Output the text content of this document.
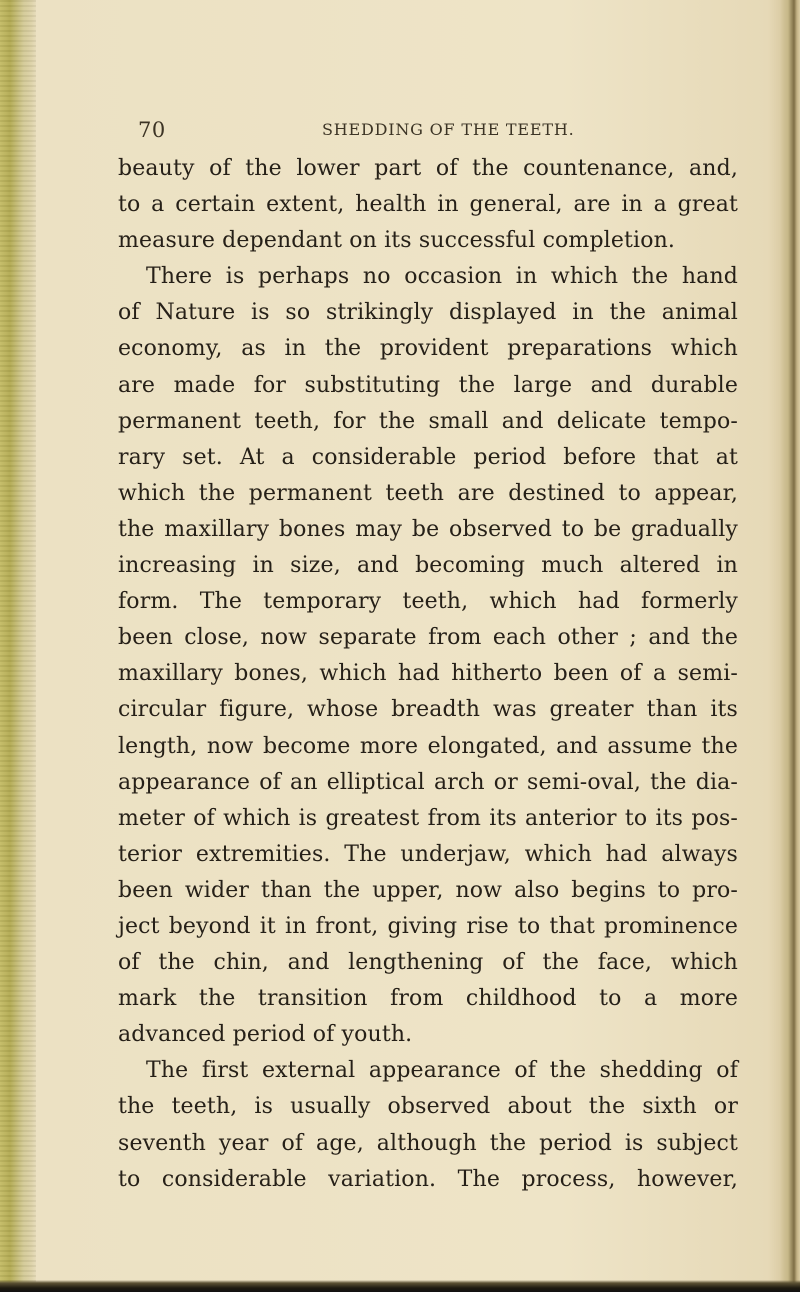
70	SHEDDING OF THE TEETH.
beauty of the lower part of the countenance, and,
to a certain extent, health in general, are in a great
measure dependant on its successful completion.
There is perhaps no occasion in which the hand
of Nature is so strikingly displayed in the animal
economy, as in the provident preparations which
are made for substituting the large and durable
permanent teeth, for the small and delicate tempo-
rary set. At a considerable period before that at
which the permanent teeth are destined to appear,
the maxillary bones may be observed to be gradually
increasing in size, and becoming much altered in
form. The temporary teeth, which had formerly
been close, now separate from each other ; and the
maxillary bones, which had hitherto been of a semi-
circular figure, whose breadth was greater than its
length, now become more elongated, and assume the
appearance of an elliptical arch or semi-oval, the dia-
meter of which is greatest from its anterior to its pos-
terior extremities. The underjaw, which had always
been wider than the upper, now also begins to pro-
ject beyond it in front, giving rise to that prominence
of the chin, and lengthening of the face, which
mark the transition from childhood to a more
advanced period of youth.
The first external appearance of the shedding of
the teeth, is usually observed about the sixth or
seventh year of age, although the period is subject
to considerable variation. The process, however,
